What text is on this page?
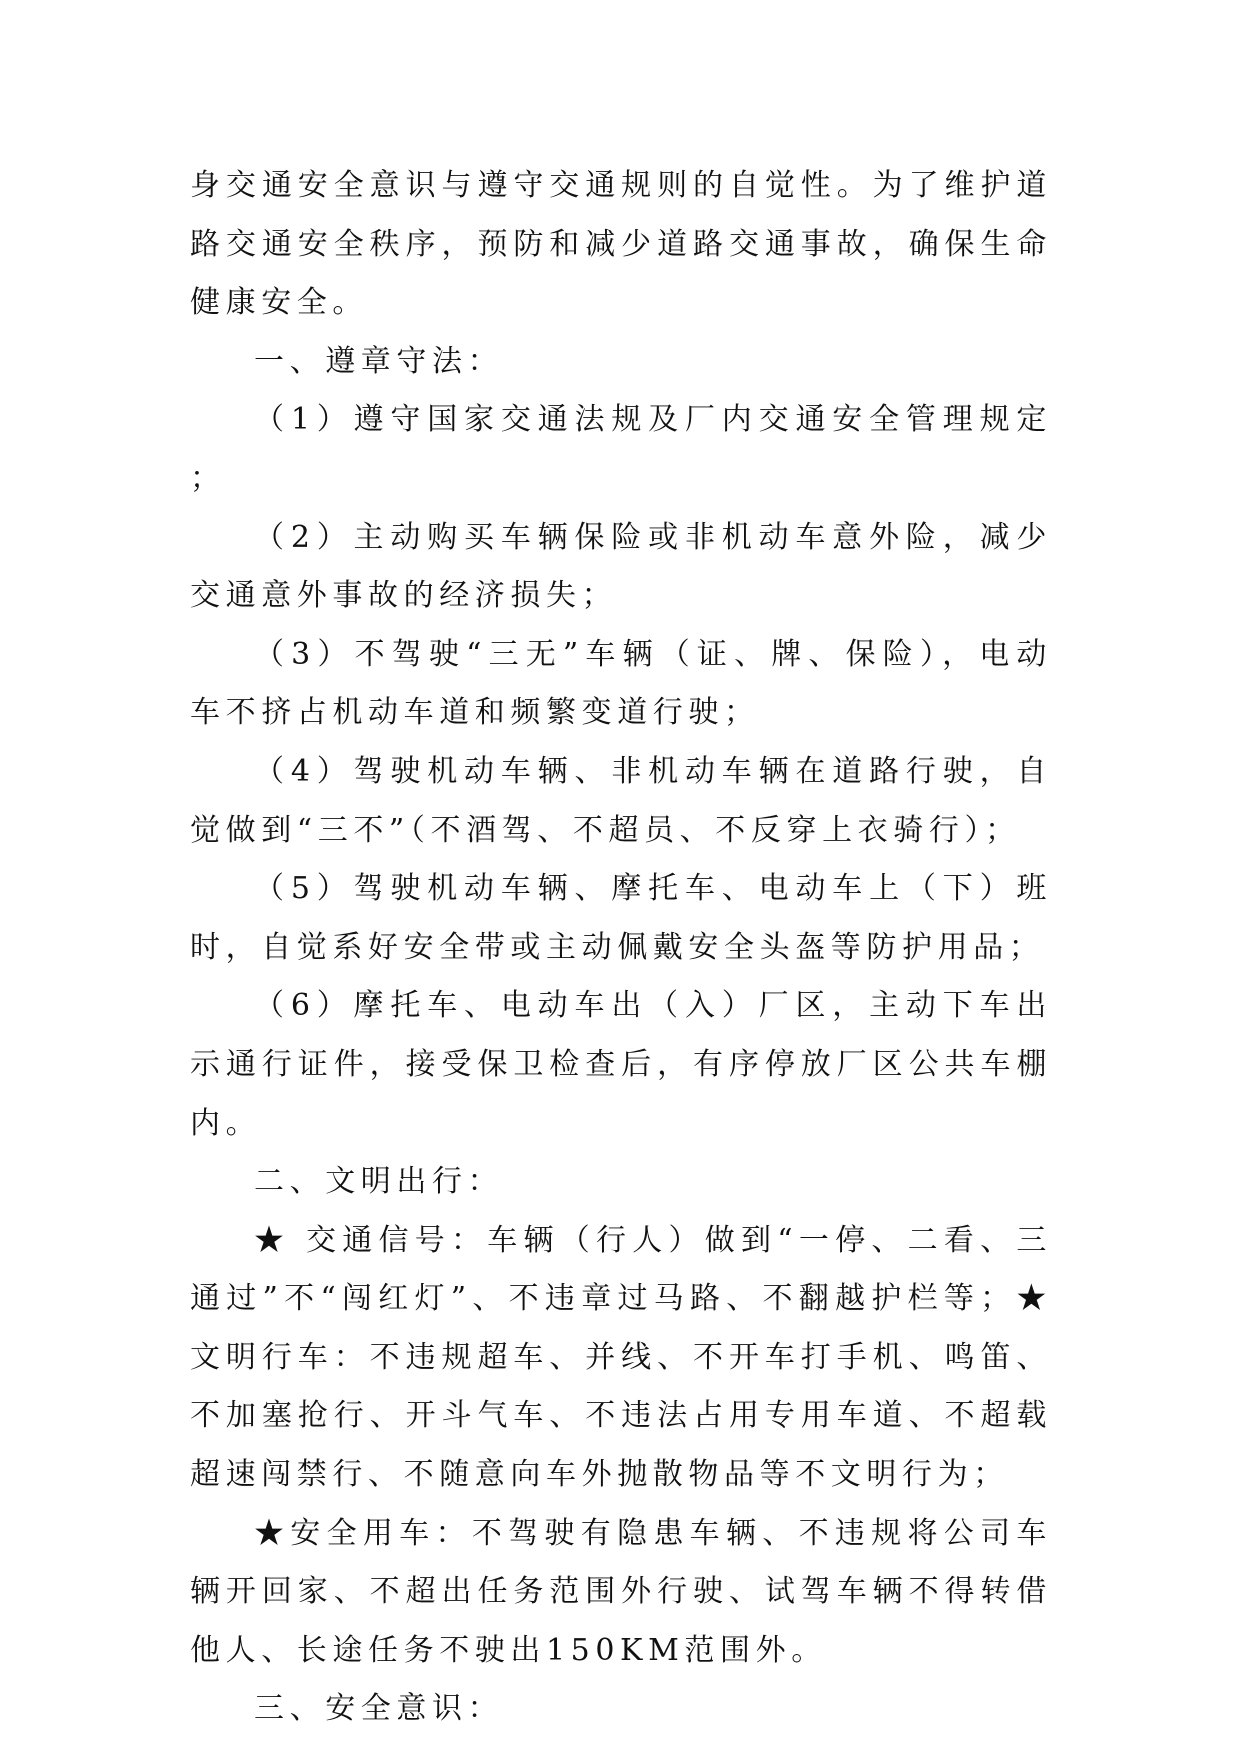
身交通安全意识与遵守交通规则的自觉性。为了维护道路交通安全秩序，预防和减少道路交通事故，确保生命健康安全。

一、遵章守法：

（1）遵守国家交通法规及厂内交通安全管理规定；

（2）主动购买车辆保险或非机动车意外险，减少交通意外事故的经济损失；

（3）不驾驶“三无”车辆（证、牌、保险），电动车不挤占机动车道和频繁变道行驶；

（4）驾驶机动车辆、非机动车辆在道路行驶，自觉做到“三不”（不酒驾、不超员、不反穿上衣骑行）；

（5）驾驶机动车辆、摩托车、电动车上（下）班时，自觉系好安全带或主动佩戴安全头盔等防护用品；

（6）摩托车、电动车出（入）厂区，主动下车出示通行证件，接受保卫检查后，有序停放厂区公共车棚内。

二、文明出行：

★ 交通信号：车辆（行人）做到“一停、二看、三通过”不“闯红灯”、不违章过马路、不翻越护栏等；★文明行车：不违规超车、并线、不开车打手机、鸣笛、不加塞抢行、开斗气车、不违法占用专用车道、不超载超速闯禁行、不随意向车外抛散物品等不文明行为；

★安全用车：不驾驶有隐患车辆、不违规将公司车辆开回家、不超出任务范围外行驶、试驾车辆不得转借他人、长途任务不驶出150KM范围外。

三、安全意识：
